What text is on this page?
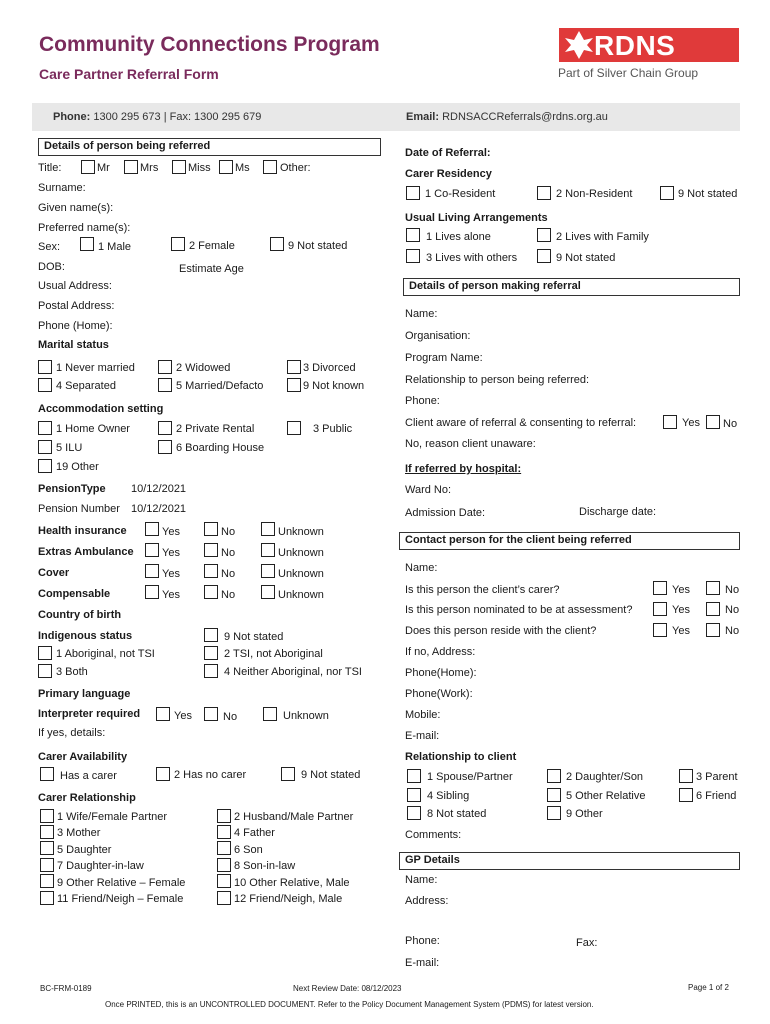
Community Connections Program
Care Partner Referral Form
RDNS
Part of Silver Chain Group
Phone: 1300 295 673 | Fax: 1300 295 679	Email: RDNSACCReferrals@rdns.org.au
Details of person being referred
Title:	Mr	Mrs	Miss Ms	Other:
Surname:
Given name(s):
Preferred name(s):
Sex:	1 Male	2 Female	9 Not stated
DOB:	Estimate Age
Usual Address:
Postal Address:
Phone (Home):
Marital status
1 Never married	2 Widowed	3 Divorced
4 Separated	5 Married/Defacto	9 Not known
Accommodation setting
1 Home Owner	2 Private Rental	3 Public
5 ILU	6 Boarding House
19 Other
PensionType 10/12/2021
Pension Number 10/12/2021
Health insurance	Yes	No	Unknown
Extras Ambulance	Yes	No	Unknown
Cover	Yes	No	Unknown
Compensable	Yes	No	Unknown
Country of birth
Indigenous status	9 Not stated
1 Aboriginal, not TSI	2 TSI, not Aboriginal
3 Both	4 Neither Aboriginal, nor TSI
Primary language
Interpreter required	Yes	No	Unknown
If yes, details:
Carer Availability
Has a carer	2 Has no carer	9 Not stated
Carer Relationship
1 Wife/Female Partner	2 Husband/Male Partner
3 Mother	4 Father
5 Daughter	6 Son
7 Daughter-in-law	8 Son-in-law
9 Other Relative – Female	10 Other Relative, Male
11 Friend/Neigh – Female	12 Friend/Neigh, Male
Date of Referral:
Carer Residency
1 Co-Resident	2 Non-Resident	9 Not stated
Usual Living Arrangements
1 Lives alone	2 Lives with Family
3 Lives with others	9 Not stated
Details of person making referral
Name:
Organisation:
Program Name:
Relationship to person being referred:
Phone:
Client aware of referral & consenting to referral:	Yes No
No, reason client unaware:
If referred by hospital:
Ward No:
Admission Date:	Discharge date:
Contact person for the client being referred
Name:
Is this person the client’s carer?	Yes	No
Is this person nominated to be at assessment?	Yes	No
Does this person reside with the client?	Yes	No
If no, Address:
Phone(Home):
Phone(Work):
Mobile:
E-mail:
Relationship to client
1 Spouse/Partner	2 Daughter/Son	3 Parent
4 Sibling	5 Other Relative	6 Friend
8 Not stated	9 Other
Comments:
GP Details
Name:
Address:
Phone:	Fax:
E-mail:
BC-FRM-0189	Next Review Date: 08/12/2023	Page 1 of 2
Once PRINTED, this is an UNCONTROLLED DOCUMENT. Refer to the Policy Document Management System (PDMS) for latest version.
